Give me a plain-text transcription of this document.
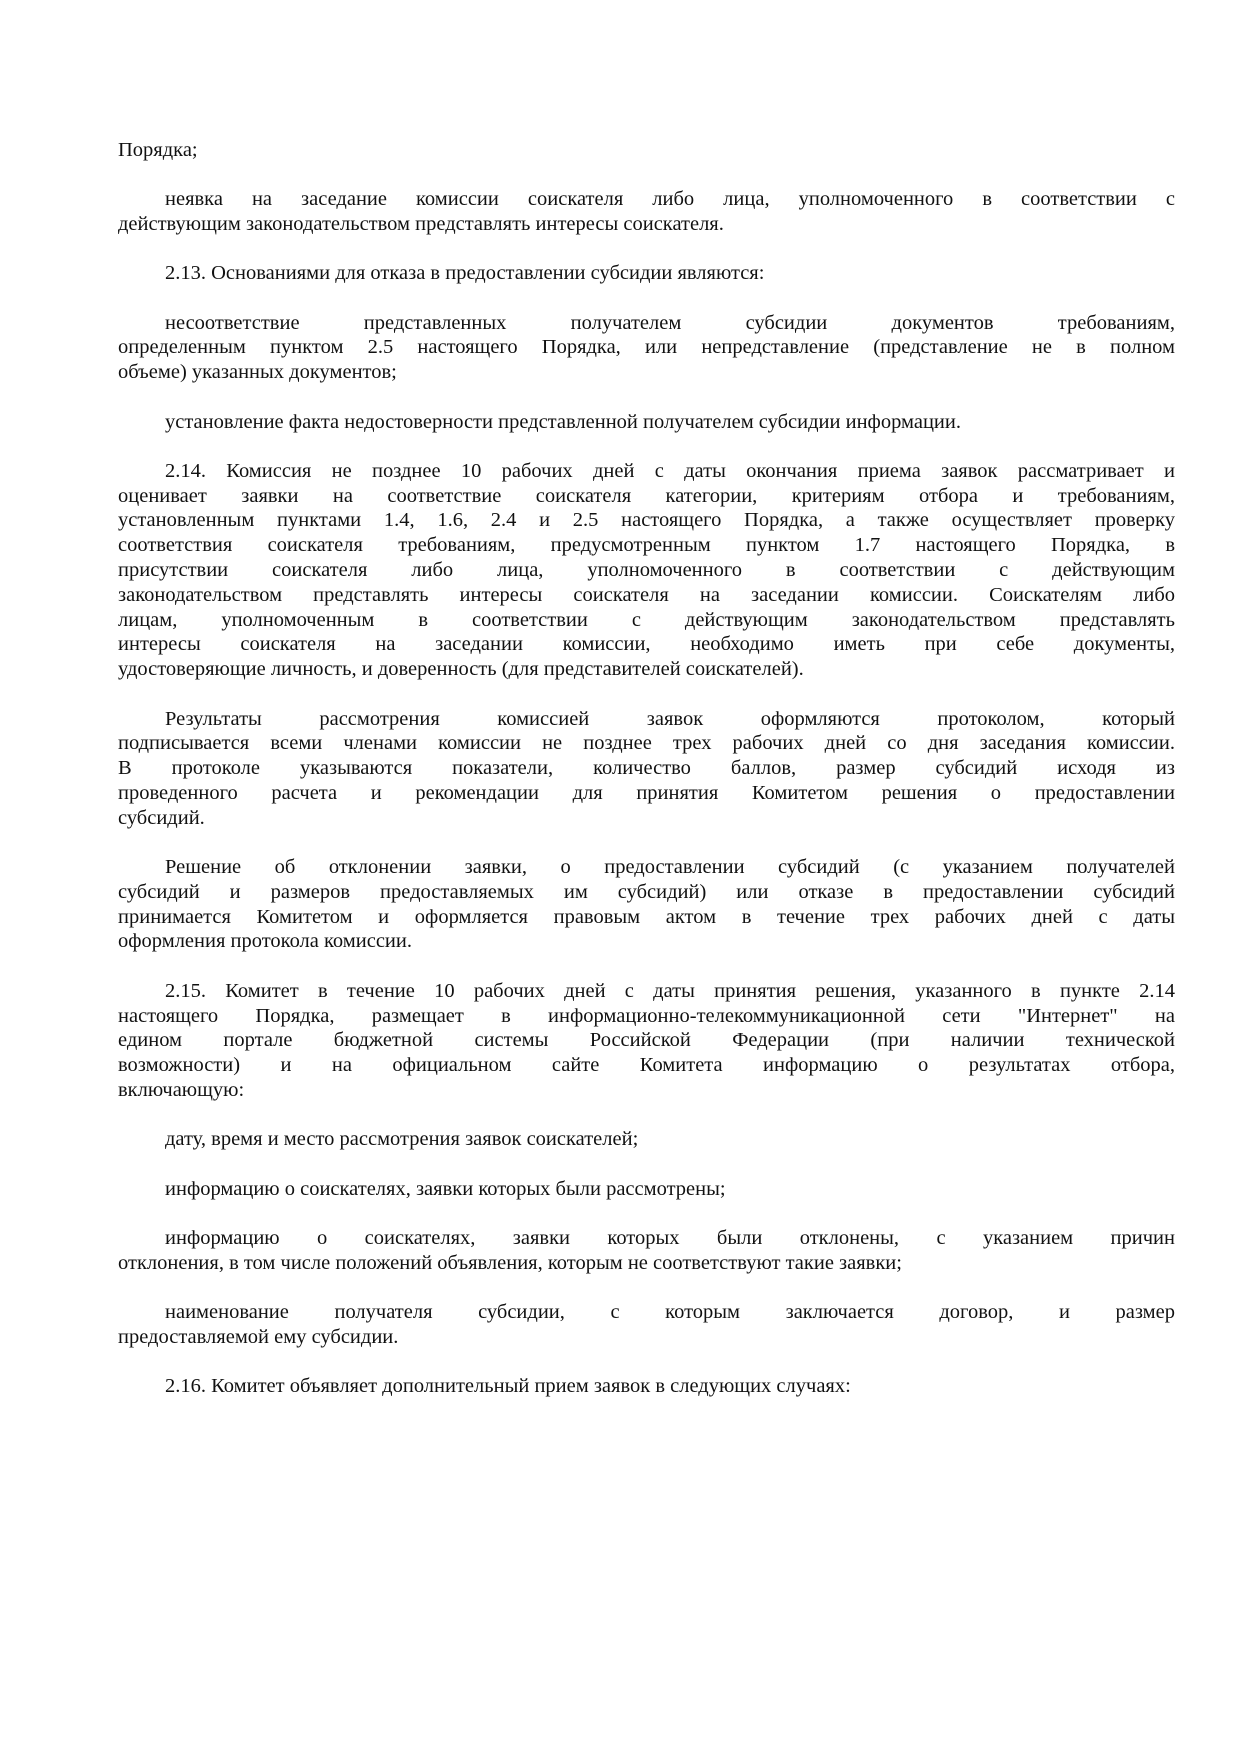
Порядка;
неявка на заседание комиссии соискателя либо лица, уполномоченного в соответствии с
действующим законодательством представлять интересы соискателя.
2.13. Основаниями для отказа в предоставлении субсидии являются:
несоответствие представленных получателем субсидии документов требованиям,
определенным пунктом 2.5 настоящего Порядка, или непредставление (представление не в полном
объеме) указанных документов;
установление факта недостоверности представленной получателем субсидии информации.
2.14. Комиссия не позднее 10 рабочих дней с даты окончания приема заявок рассматривает и
оценивает заявки на соответствие соискателя категории, критериям отбора и требованиям,
установленным пунктами 1.4, 1.6, 2.4 и 2.5 настоящего Порядка, а также осуществляет проверку
соответствия соискателя требованиям, предусмотренным пунктом 1.7 настоящего Порядка, в
присутствии соискателя либо лица, уполномоченного в соответствии с действующим
законодательством представлять интересы соискателя на заседании комиссии. Соискателям либо
лицам, уполномоченным в соответствии с действующим законодательством представлять
интересы соискателя на заседании комиссии, необходимо иметь при себе документы,
удостоверяющие личность, и доверенность (для представителей соискателей).
Результаты рассмотрения комиссией заявок оформляются протоколом, который
подписывается всеми членами комиссии не позднее трех рабочих дней со дня заседания комиссии.
В протоколе указываются показатели, количество баллов, размер субсидий исходя из
проведенного расчета и рекомендации для принятия Комитетом решения о предоставлении
субсидий.
Решение об отклонении заявки, о предоставлении субсидий (с указанием получателей
субсидий и размеров предоставляемых им субсидий) или отказе в предоставлении субсидий
принимается Комитетом и оформляется правовым актом в течение трех рабочих дней с даты
оформления протокола комиссии.
2.15. Комитет в течение 10 рабочих дней с даты принятия решения, указанного в пункте 2.14
настоящего Порядка, размещает в информационно-телекоммуникационной сети "Интернет" на
едином портале бюджетной системы Российской Федерации (при наличии технической
возможности) и на официальном сайте Комитета информацию о результатах отбора,
включающую:
дату, время и место рассмотрения заявок соискателей;
информацию о соискателях, заявки которых были рассмотрены;
информацию о соискателях, заявки которых были отклонены, с указанием причин
отклонения, в том числе положений объявления, которым не соответствуют такие заявки;
наименование получателя субсидии, с которым заключается договор, и размер
предоставляемой ему субсидии.
2.16. Комитет объявляет дополнительный прием заявок в следующих случаях:
